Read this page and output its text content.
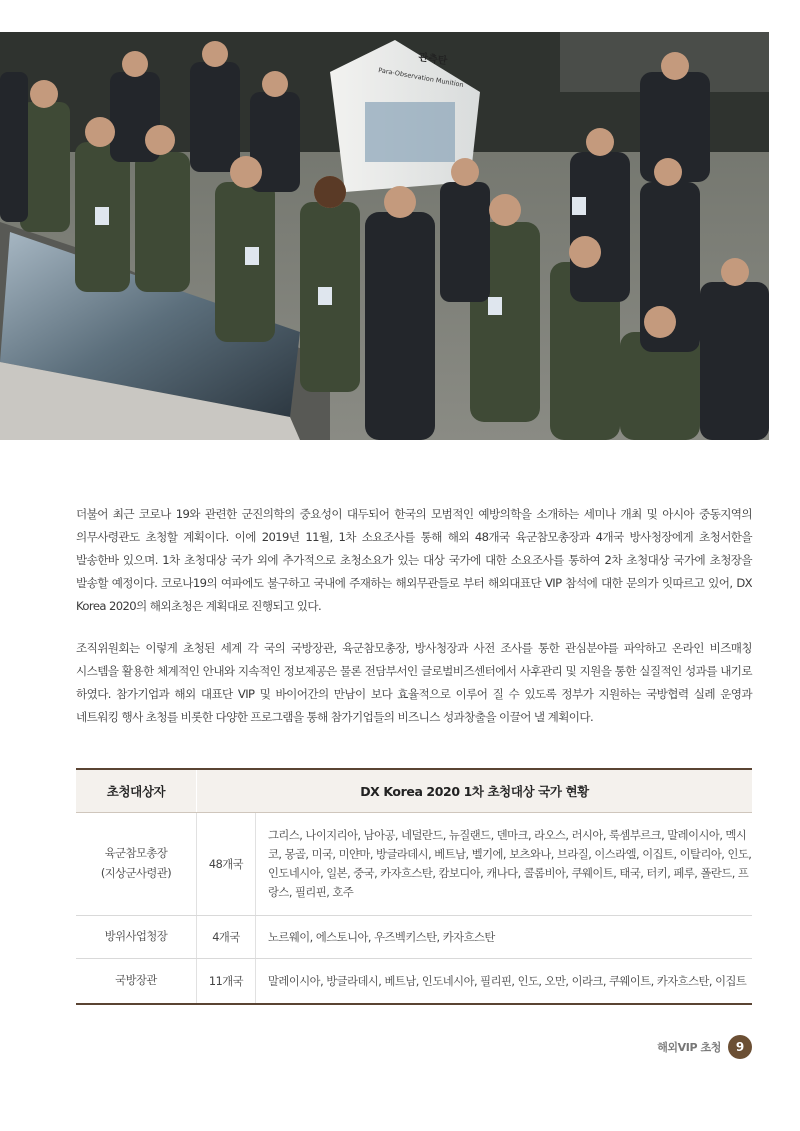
관측탄
Para-Observation Munition

더불어 최근 코로나 19와 관련한 군진의학의 중요성이 대두되어 한국의 모범적인 예방의학을 소개하는 세미나 개최 및 아시아 중동지역의 의무사령관도 초청할 계획이다. 이에 2019년 11월, 1차 소요조사를 통해 해외 48개국 육군참모총장과 4개국 방사청장에게 초청서한을 발송한바 있으며. 1차 초청대상 국가 외에 추가적으로 초청소요가 있는 대상 국가에 대한 소요조사를 통하여 2차 초청대상 국가에 초청장을 발송할 예정이다. 코로나19의 여파에도 불구하고 국내에 주재하는 해외무관들로 부터 해외대표단 VIP 참석에 대한 문의가 잇따르고 있어, DX Korea 2020의 해외초청은 계획대로 진행되고 있다.

조직위원회는 이렇게 초청된 세계 각 국의 국방장관, 육군참모총장, 방사청장과 사전 조사를 통한 관심분야를 파악하고 온라인 비즈매칭 시스템을 활용한 체계적인 안내와 지속적인 정보제공은 물론 전담부서인 글로벌비즈센터에서 사후관리 및 지원을 통한 실질적인 성과를 내기로 하였다. 참가기업과 해외 대표단 VIP 및 바이어간의 만남이 보다 효율적으로 이루어 질 수 있도록 정부가 지원하는 국방협력 실레 운영과 네트워킹 행사 초청를 비롯한 다양한 프로그램을 통해 참가기업들의 비즈니스 성과창출을 이끌어 낼 계획이다.

초청대상자	DX Korea 2020 1차 초청대상 국가 현황	
육군참모총장
(지상군사령관)	48개국	그리스, 나이지리아, 남아공, 네덜란드, 뉴질랜드, 덴마크, 라오스, 러시아, 룩셈부르크, 말레이시아, 멕시코, 몽골, 미국, 미얀마, 방글라데시, 베트남, 벨기에, 보츠와나, 브라질, 이스라엘, 이집트, 이탈리아, 인도, 인도네시아, 일본, 중국, 카자흐스탄, 캄보디아, 캐나다, 콜롬비아, 쿠웨이트, 태국, 터키, 페루, 폴란드, 프랑스, 필리핀, 호주
방위사업청장	4개국	노르웨이, 에스토니아, 우즈벡키스탄, 카자흐스탄
국방장관	11개국	말레이시아, 방글라데시, 베트남, 인도네시아, 필리핀, 인도, 오만, 이라크, 쿠웨이트, 카자흐스탄, 이집트
해외VIP 초청	9
